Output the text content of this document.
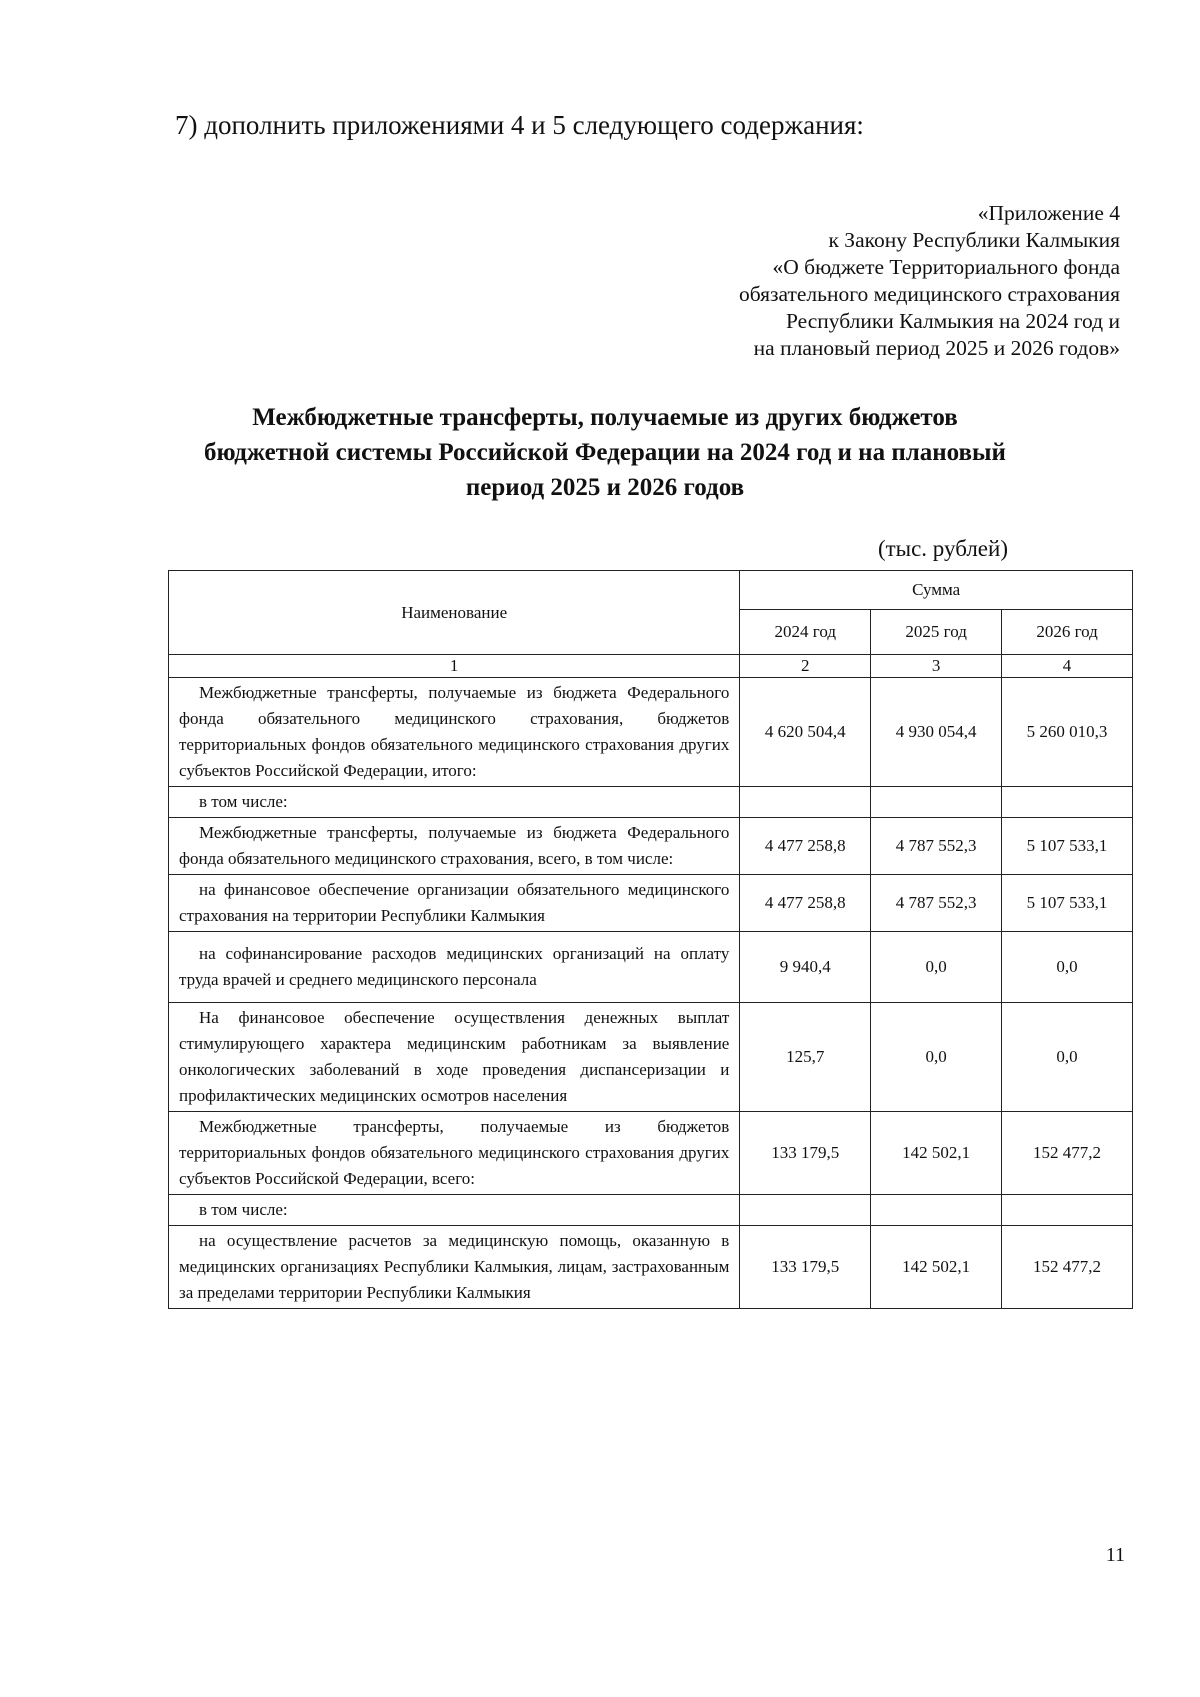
7) дополнить приложениями 4 и 5 следующего содержания:
«Приложение 4
к Закону Республики Калмыкия
«О бюджете Территориального фонда
обязательного медицинского страхования
Республики Калмыкия на 2024 год и
на плановый период 2025 и 2026 годов»
Межбюджетные трансферты, получаемые из других бюджетов
бюджетной системы Российской Федерации на 2024 год и на плановый
период 2025 и 2026 годов
(тыс. рублей)
Наименование	Сумма		
	2024 год	2025 год	2026 год
1	2	3	4
Межбюджетные трансферты, получаемые из бюджета Федерального фонда обязательного медицинского страхования, бюджетов территориальных фондов обязательного медицинского страхования других субъектов Российской Федерации, итого:	4 620 504,4	4 930 054,4	5 260 010,3
в том числе:			
Межбюджетные трансферты, получаемые из бюджета Федерального фонда обязательного медицинского страхования, всего, в том числе:	4 477 258,8	4 787 552,3	5 107 533,1
на финансовое обеспечение организации обязательного медицинского страхования на территории Республики Калмыкия	4 477 258,8	4 787 552,3	5 107 533,1
на софинансирование расходов медицинских организаций на оплату труда врачей и среднего медицинского персонала	9 940,4	0,0	0,0
На финансовое обеспечение осуществления денежных выплат стимулирующего характера медицинским работникам за выявление онкологических заболеваний в ходе проведения диспансеризации и профилактических медицинских осмотров населения	125,7	0,0	0,0
Межбюджетные трансферты, получаемые из бюджетов территориальных фондов обязательного медицинского страхования других субъектов Российской Федерации, всего:	133 179,5	142 502,1	152 477,2
в том числе:			
на осуществление расчетов за медицинскую помощь, оказанную в медицинских организациях Республики Калмыкия, лицам, застрахованным за пределами территории Республики Калмыкия	133 179,5	142 502,1	152 477,2
11
